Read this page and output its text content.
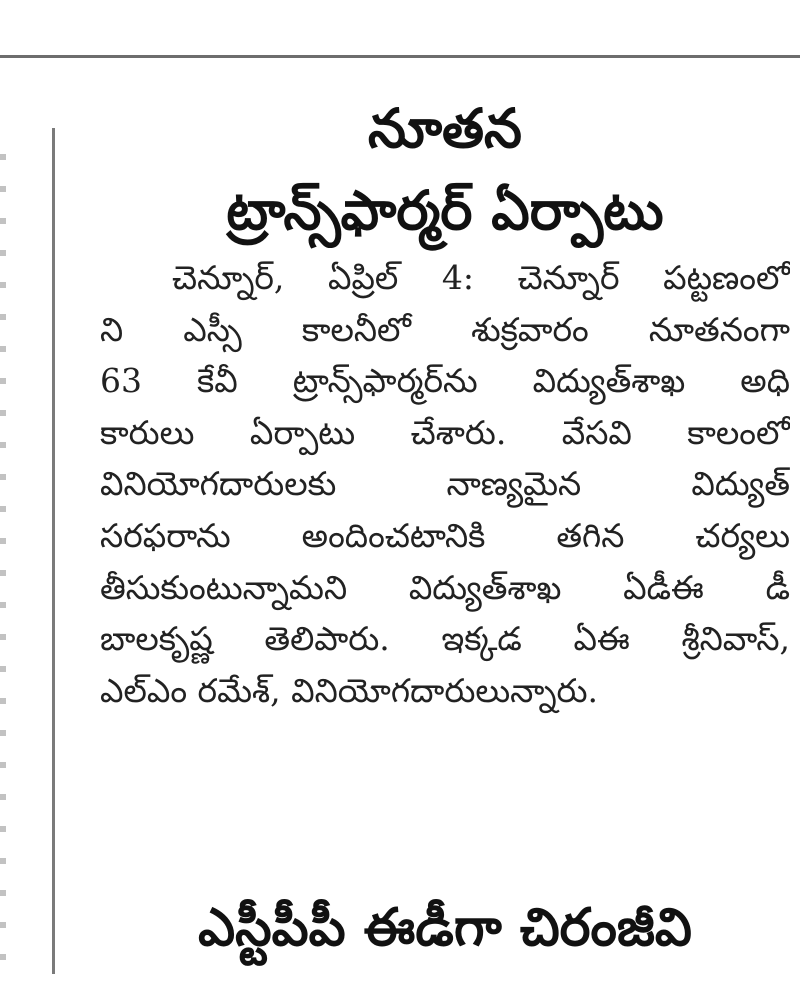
నూతన
ట్రాన్స్‌ఫార్మర్ ఏర్పాటు

చెన్నూర్, ఏప్రిల్ 4: చెన్నూర్ పట్టణంలో
ని ఎస్సీ కాలనీలో శుక్రవారం నూతనంగా
63 కేవీ ట్రాన్స్‌ఫార్మర్‌ను విద్యుత్‌శాఖ అధి
కారులు ఏర్పాటు చేశారు. వేసవి కాలంలో
వినియోగదారులకు నాణ్యమైన విద్యుత్
సరఫరాను అందించటానికి తగిన చర్యలు
తీసుకుంటున్నామని విద్యుత్‌శాఖ ఏడీఈ డీ
బాలకృష్ణ తెలిపారు. ఇక్కడ ఏఈ శ్రీనివాస్,
ఎల్‌ఎం రమేశ్, వినియోగదారులున్నారు.

ఎస్టీపీపీ ఈడీగా చిరంజీవి
